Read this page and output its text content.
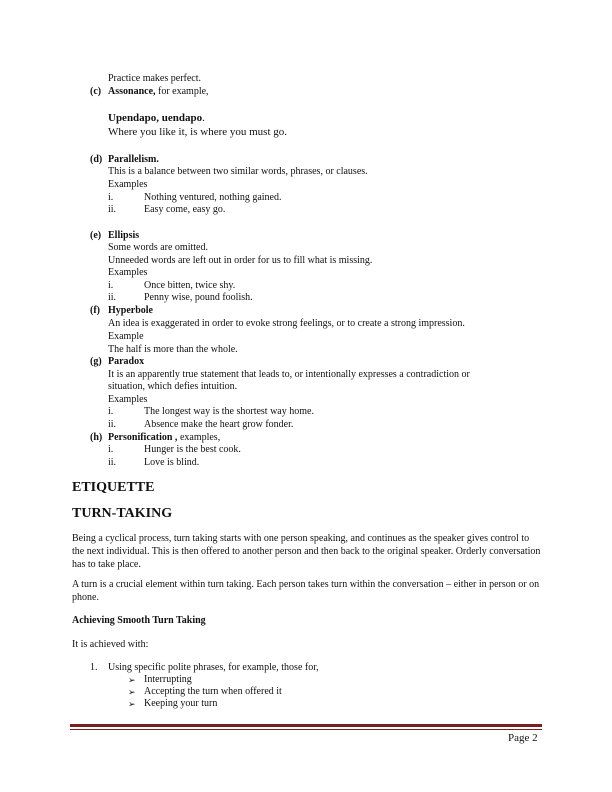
Practice makes perfect.
(c) Assonance, for example,
Upendapo, uendapo.
Where you like it, is where you must go.
(d) Parallelism.
This is a balance between two similar words, phrases, or clauses.
Examples
i.	Nothing ventured, nothing gained.
ii.	Easy come, easy go.
(e) Ellipsis
Some words are omitted.
Unneeded words are left out in order for us to fill what is missing.
Examples
i.	Once bitten, twice shy.
ii.	Penny wise, pound foolish.
(f) Hyperbole
An idea is exaggerated in order to evoke strong feelings, or to create a strong impression.
Example
The half is more than the whole.
(g) Paradox
It is an apparently true statement that leads to, or intentionally expresses a contradiction or
situation, which defies intuition.
Examples
i.	The longest way is the shortest way home.
ii.	Absence make the heart grow fonder.
(h) Personification , examples,
i.	Hunger is the best cook.
ii.	Love is blind.
ETIQUETTE
TURN-TAKING
Being a cyclical process, turn taking starts with one person speaking, and continues as the speaker gives control to the next individual. This is then offered to another person and then back to the original speaker. Orderly conversation has to take place.
A turn is a crucial element within turn taking. Each person takes turn within the conversation – either in person or on phone.
Achieving Smooth Turn Taking
It is achieved with:
1. Using specific polite phrases, for example, those for,
➢ Interrupting
➢ Accepting the turn when offered it
➢ Keeping your turn
Page 2
